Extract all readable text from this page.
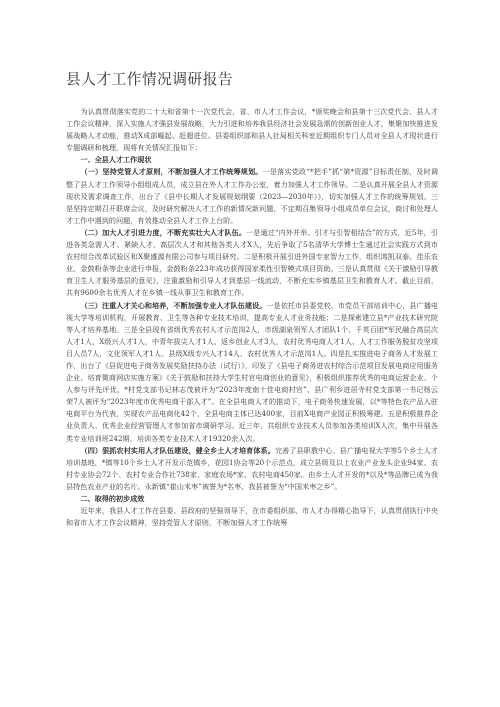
县人才工作情况调研报告

为认真贯彻落实党的二十大和省第十一次党代会，省、市人才工作会议，*颁奖晚会和县第十三次党代会、县人才工作会议精神，深入实施人才强县发展战略，大力引进和培养我县经济社会发展急需的创新创业人才，集聚加快推进发展战略人才动能，推动X成部崛起、赶超进位。县委组织部和县人社局相关科室近期组织专门人员对全县人才现状进行专题调研和梳理，现将有关情况汇报如下：

一、全县人才工作现状

（一）坚持党管人才原则，不断加强人才工作统筹规划。一是落实党政“*把手”抓“第*资源”目标责任制，及时调整了县人才工作领导小组组成人员，成立县在外人才工作办公室，着力加强人才工作领导。二是认真开展全县人才资源现状及需求调查工作，出台了《县中长期人才发展规划纲要（2023—2030年）》，切实加强人才工作的统筹规划。三是坚持定期召开联席会议，及时研究解决人才工作的新情况新问题，不定期召集领导小组成员单位会议，商讨和处理人才工作中遇到的问题，有效推动全县人才工作上台阶。

（二）加大人才引进力度，不断充实壮大人才队伍。一是通过“内外并举、引才与引智相结合”的方式，近5年，引进各类急需人才、紧缺人才、高层次人才和其他各类人才X人，先后争取了5名清华大学博士生通过社会实践方式到市农村综合改革试验区和X聚盛源有限公司参与项目研究。二是积极开展引进外国专家智力工作，组织鸿凯双泰、佳乐农业、金鼓粉条等企业进行申报，金鼓粉条223年成功获得国家柔性引智模式项目资助。三是认真贯彻《关于激励引导教育卫生人才服务基层的意见》，注重激励和引导人才到基层一线流动，不断充实乡镇基层卫生和教育人才。截止目前，共有9600余名优秀人才在乡镇一线从事卫生和教育工作。

（三）注重人才关心和培养，不断加强专业人才队伍建设。一是依托市县委党校、市党员干部培训中心，县广播电视大学等培训机构，开展教育、卫生等各种专业技术培训，提高专业人才业务技能；二是探索建立县*产业技术研究院等人才培养基地。三是全县现有省级优秀农村人才示范岗2人，市级湖泉领军人才团队1个、千英百团*军民融合高层次人才1人，X级兴人才1人，中青年拔尖人才1人、返乡创业人才3人，农村优秀电商人才1人、人才工作服务脱贫攻坚项目人员7人，文化领军人才1人、县级X级专兴人才14人、农村优秀人才示范岗1人。四是扎实推进电子商务人才发展工作，出台了《县促进电子商务发展奖励扶持办法（试行）》，印发了《县电子商务进农村综合示范项目发展电商应用服务企业、培育微商网店实施方案》《关于鼓励和扶持大学生村官电商创业的意见》，积极组织推荐优秀的电商运营企业、个人参与评先评优，*村党支部书记林志茂被评为“2023年度南十佳电商村官”、县广利乡进居寺村党支部第一书记杨云荣7人被评为“2023年度市优秀电商干部人才”。在全县电商人才的推动下，电子商务快速发展，以*等特色农产品入驻电商平台为代表，实现农产品电商化42个，全县电商主体已达400家，目前X电商产业园正积极筹建。五是积极推荐企业负责人、优秀企业经营管理人才参加省市调研学习。近三年，共组织专业技术人员参加各类培训X人次，集中开展各类专业培训班242期，培训各类专业技术人才19320余人次。

（四）狠抓农村实用人才队伍建设，健全乡土人才培育体系。完善了县职教中心、县广播电视大学等5个乡土人才培训基地，*镇等10个乡土人才开发示范镇乡，花园1协会等20个示范点，成立县级及以上农业产业龙头企业94家、农村专业协会72个、农村专业合作社738家、家庭农场*家、农村电商450家。由乡土人才开发的*以及*等品牌已成为我县特色农业产业的名片。永新镇“崔山米枣”被誉为*名枣、我县被誉为“中国米枣之乡”。

二、取得的初步成效

近年来，我县人才工作在县委、县政府的坚强领导下，在市委组织部、市人才办得精心指导下，认真贯彻执行中央和省市人才工作会议精神，坚持党管人才原则，不断加强人才工作统筹
